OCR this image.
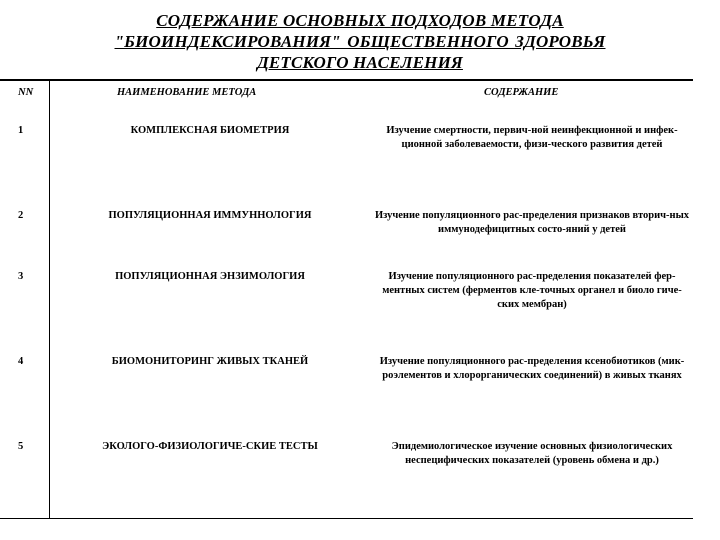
СОДЕРЖАНИЕ ОСНОВНЫХ ПОДХОДОВ МЕТОДА
"БИОИНДЕКСИРОВАНИЯ" ОБЩЕСТВЕННОГО ЗДОРОВЬЯ
ДЕТСКОГО НАСЕЛЕНИЯ
NN	НАИМЕНОВАНИЕ МЕТОДА	СОДЕРЖАНИЕ
1	КОМПЛЕКСНАЯ БИОМЕТРИЯ	Изучение смертности, первич-ной неинфекционной и инфек-ционной заболеваемости, физи-ческого развития детей
2	ПОПУЛЯЦИОННАЯ ИММУННОЛОГИЯ	Изучение популяционного рас-пределения признаков вторич-ных иммунодефицитных состо-яний у детей
3	ПОПУЛЯЦИОННАЯ ЭНЗИМОЛОГИЯ	Изучение популяционного рас-пределения показателей фер-ментных систем (ферментов кле-точных органел и биоло гиче-ских мембран)
4	БИОМОНИТОРИНГ ЖИВЫХ ТКАНЕЙ	Изучение популяционного рас-пределения ксенобиотиков (мик-роэлементов и хлорорганических соединений) в живых тканях
5	ЭКОЛОГО-ФИЗИОЛОГИЧЕ-СКИЕ ТЕСТЫ	Эпидемиологическое изучение основных физиологических неспецифических показателей (уровень обмена и др.)
